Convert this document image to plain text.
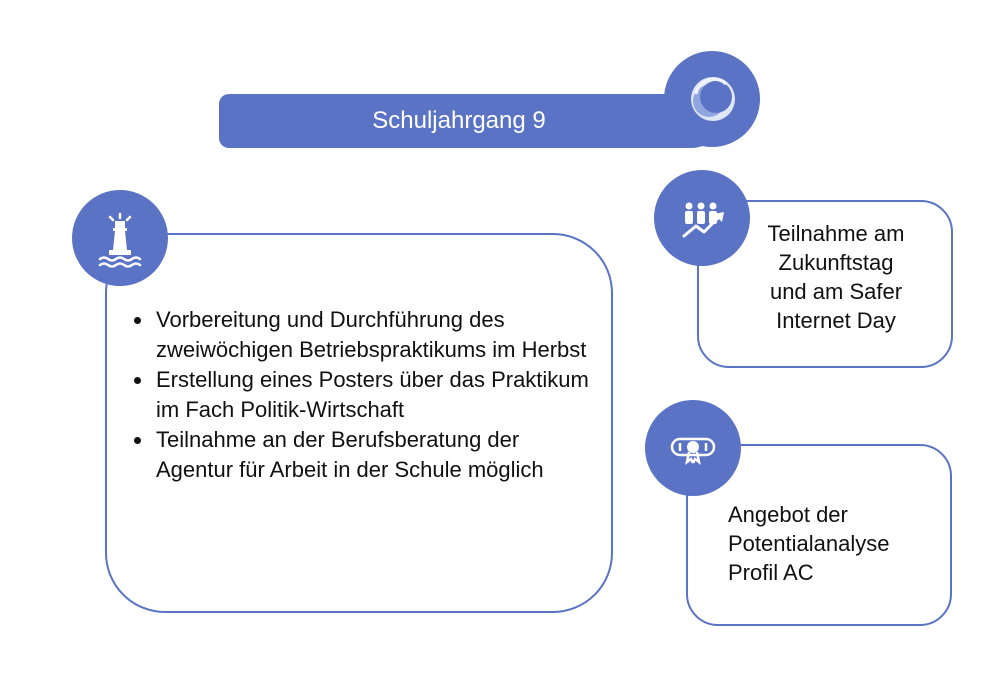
Schuljahrgang 9
Vorbereitung und Durchführung des zweiwöchigen Betriebspraktikums im Herbst
Erstellung eines Posters über das Praktikum im Fach Politik-Wirtschaft
Teilnahme an der Berufsberatung der Agentur für Arbeit in der Schule möglich
Teilnahme am
Zukunftstag
und am Safer
Internet Day
Angebot der
Potentialanalyse
Profil AC
